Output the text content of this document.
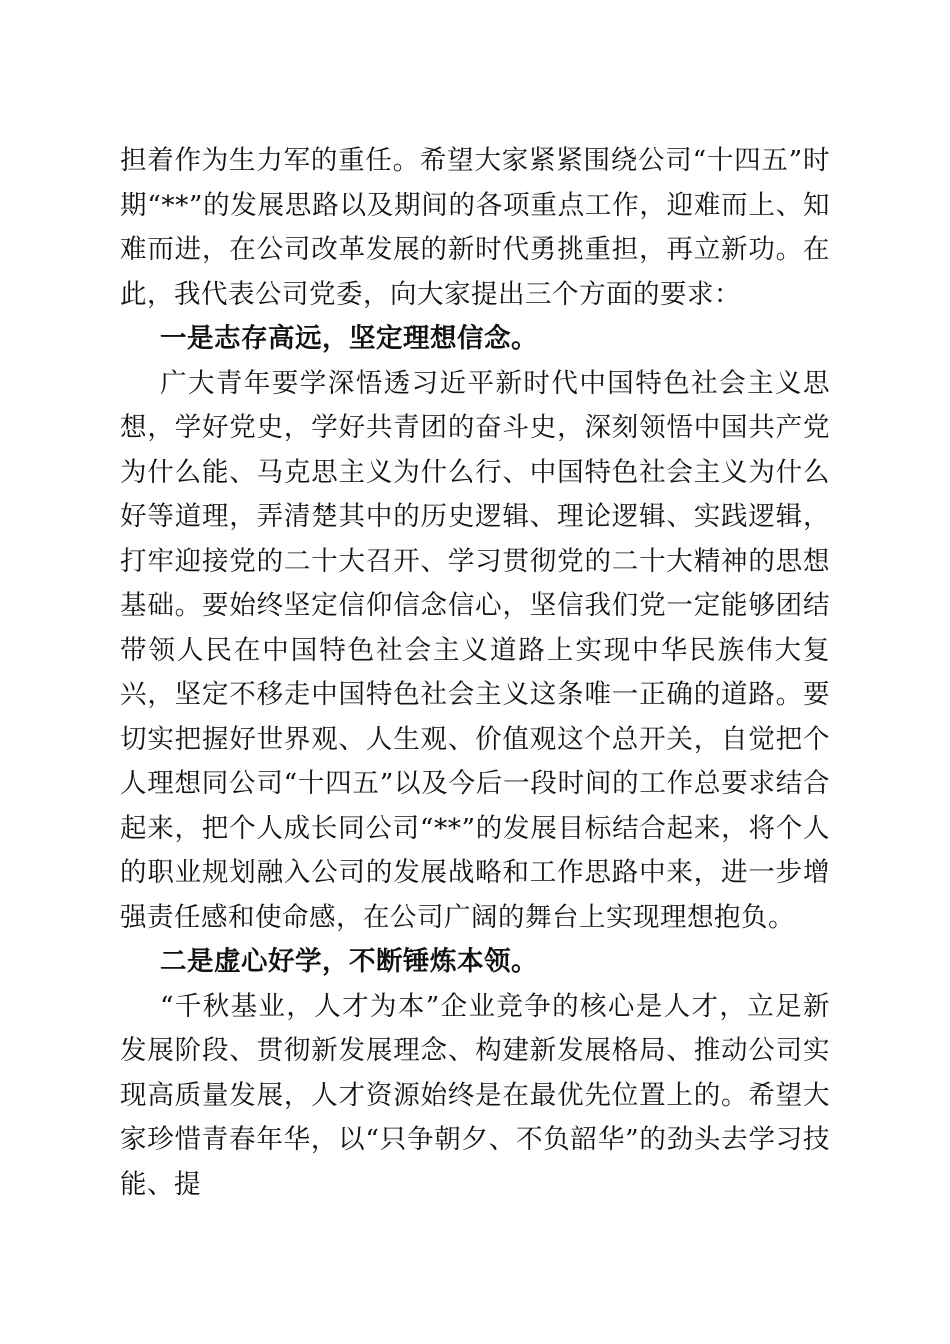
担着作为生力军的重任。希望大家紧紧围绕公司“十四五”时期“**”的发展思路以及期间的各项重点工作，迎难而上、知难而进，在公司改革发展的新时代勇挑重担，再立新功。在此，我代表公司党委，向大家提出三个方面的要求：

一是志存高远，坚定理想信念。

广大青年要学深悟透习近平新时代中国特色社会主义思想，学好党史，学好共青团的奋斗史，深刻领悟中国共产党为什么能、马克思主义为什么行、中国特色社会主义为什么好等道理，弄清楚其中的历史逻辑、理论逻辑、实践逻辑，打牢迎接党的二十大召开、学习贯彻党的二十大精神的思想基础。要始终坚定信仰信念信心，坚信我们党一定能够团结带领人民在中国特色社会主义道路上实现中华民族伟大复兴，坚定不移走中国特色社会主义这条唯一正确的道路。要切实把握好世界观、人生观、价值观这个总开关，自觉把个人理想同公司“十四五”以及今后一段时间的工作总要求结合起来，把个人成长同公司“**”的发展目标结合起来，将个人的职业规划融入公司的发展战略和工作思路中来，进一步增强责任感和使命感，在公司广阔的舞台上实现理想抱负。

二是虚心好学，不断锤炼本领。

“千秋基业，人才为本”企业竞争的核心是人才，立足新发展阶段、贯彻新发展理念、构建新发展格局、推动公司实现高质量发展，人才资源始终是在最优先位置上的。希望大家珍惜青春年华，以“只争朝夕、不负韶华”的劲头去学习技能、提
